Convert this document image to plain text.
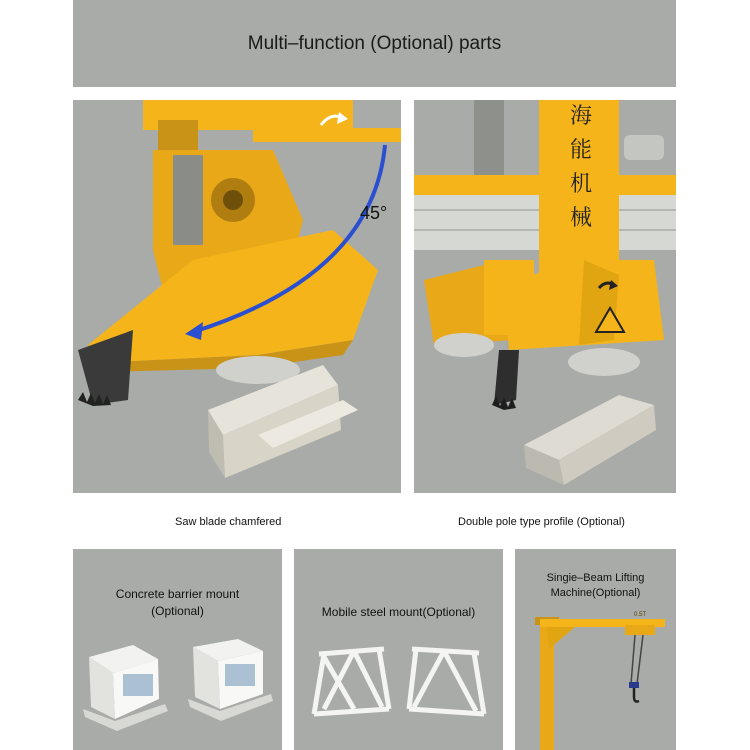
Multi–function (Optional) parts
45°
Saw blade chamfered
海
能
机
械
Double pole type profile (Optional)
Concrete barrier mount
(Optional)	Mobile steel mount(Optional)
Singie–Beam Lifting
Machine(Optional)
0.5T
